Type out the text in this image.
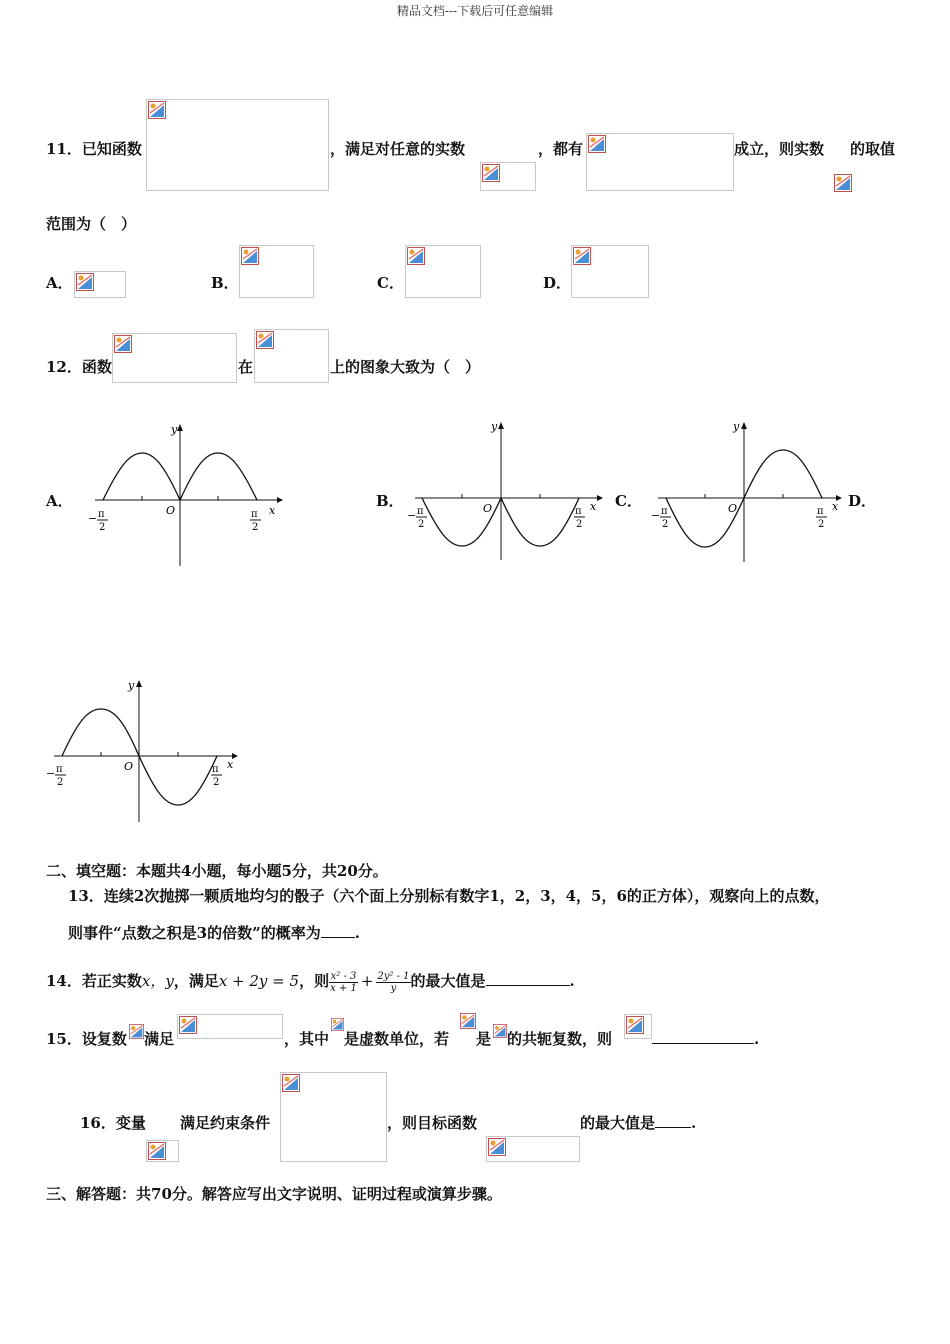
精品文档---下载后可任意编辑
11．已知函数	，满足对任意的实数	，都有	成立，则实数 的取值
范围为（　）
A．	B．	C．	D．
12．函数	在	上的图象大致为（　）
A．	B．	C．	D．
y
x
O
− π
2
π
2
y
x
O
− π
2
π
2
y
x
O
− π
2
π
2
y
x
O
− π
2
π
2
二、填空题：本题共4小题，每小题5分，共20分。
13．连续2次抛掷一颗质地均匀的骰子（六个面上分别标有数字1，2，3，4，5，6的正方体），观察向上的点数，
则事件“点数之积是3的倍数”的概率为 .
14．若正实数x，y，满足x + 2y = 5，则 $\frac{\text{x² - 3}}{x + 1} + \frac{\text{2y² - 1}}{y}$ 的最大值是	.
15．设复数 满足	，其中 是虚数单位，若 是 的共轭复数，则	.
16．变量 满足约束条件	，则目标函数	的最大值是 .
三、解答题：共70分。解答应写出文字说明、证明过程或演算步骤。
